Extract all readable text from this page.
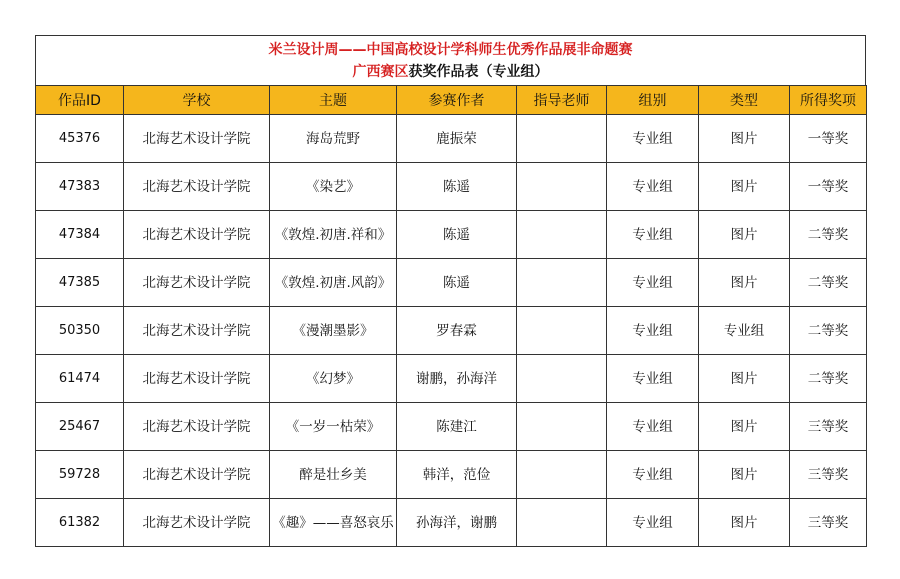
米兰设计周——中国高校设计学科师生优秀作品展非命题赛
广西赛区获奖作品表（专业组）
作品ID	学校	主题	参赛作者	指导老师	组别	类型	所得奖项
45376	北海艺术设计学院	海岛荒野	鹿振荣		专业组	图片	一等奖
47383	北海艺术设计学院	《染艺》	陈遥		专业组	图片	一等奖
47384	北海艺术设计学院	《敦煌.初唐.祥和》	陈遥		专业组	图片	二等奖
47385	北海艺术设计学院	《敦煌.初唐.风韵》	陈遥		专业组	图片	二等奖
50350	北海艺术设计学院	《漫潮墨影》	罗春霖		专业组	专业组	二等奖
61474	北海艺术设计学院	《幻梦》	谢鹏，孙海洋		专业组	图片	二等奖
25467	北海艺术设计学院	《一岁一枯荣》	陈建江		专业组	图片	三等奖
59728	北海艺术设计学院	醉是壮乡美	韩洋，范俭		专业组	图片	三等奖
61382	北海艺术设计学院	《趣》——喜怒哀乐	孙海洋，谢鹏		专业组	图片	三等奖
